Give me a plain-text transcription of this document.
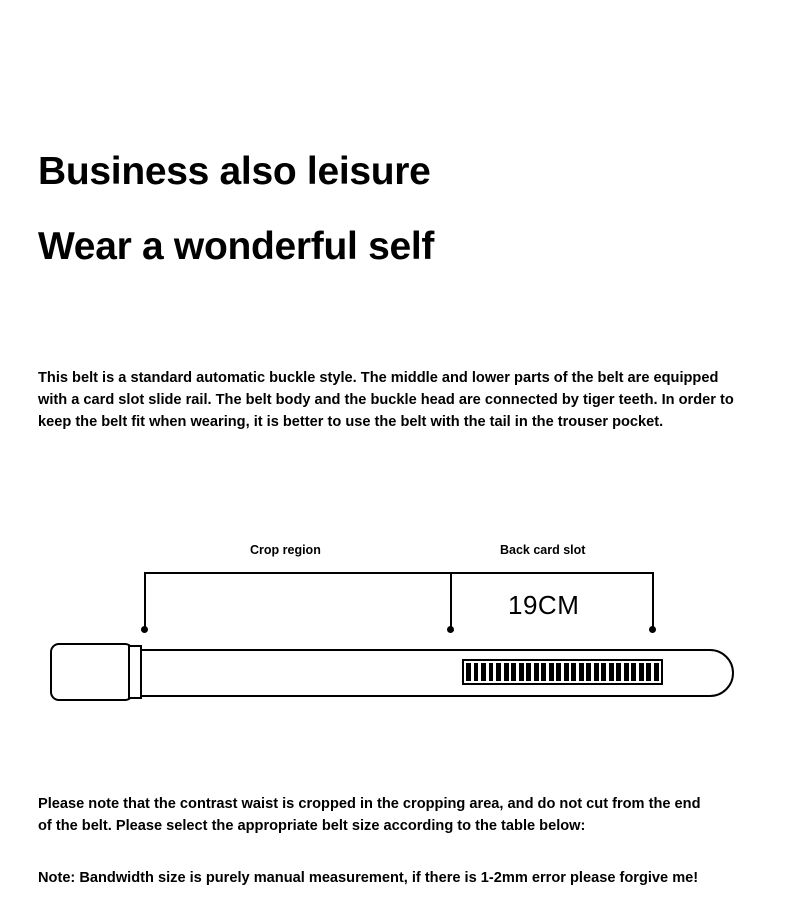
Business also leisure
Wear a wonderful self

This belt is a standard automatic buckle style. The middle and lower parts of the belt are equipped with a card slot slide rail. The belt body and the buckle head are connected by tiger teeth. In order to keep the belt fit when wearing, it is better to use the belt with the tail in the trouser pocket.

Crop region	Back card slot
19CM

Please note that the contrast waist is cropped in the cropping area, and do not cut from the end of the belt. Please select the appropriate belt size according to the table below:

Note: Bandwidth size is purely manual measurement, if there is 1-2mm error please forgive me!
